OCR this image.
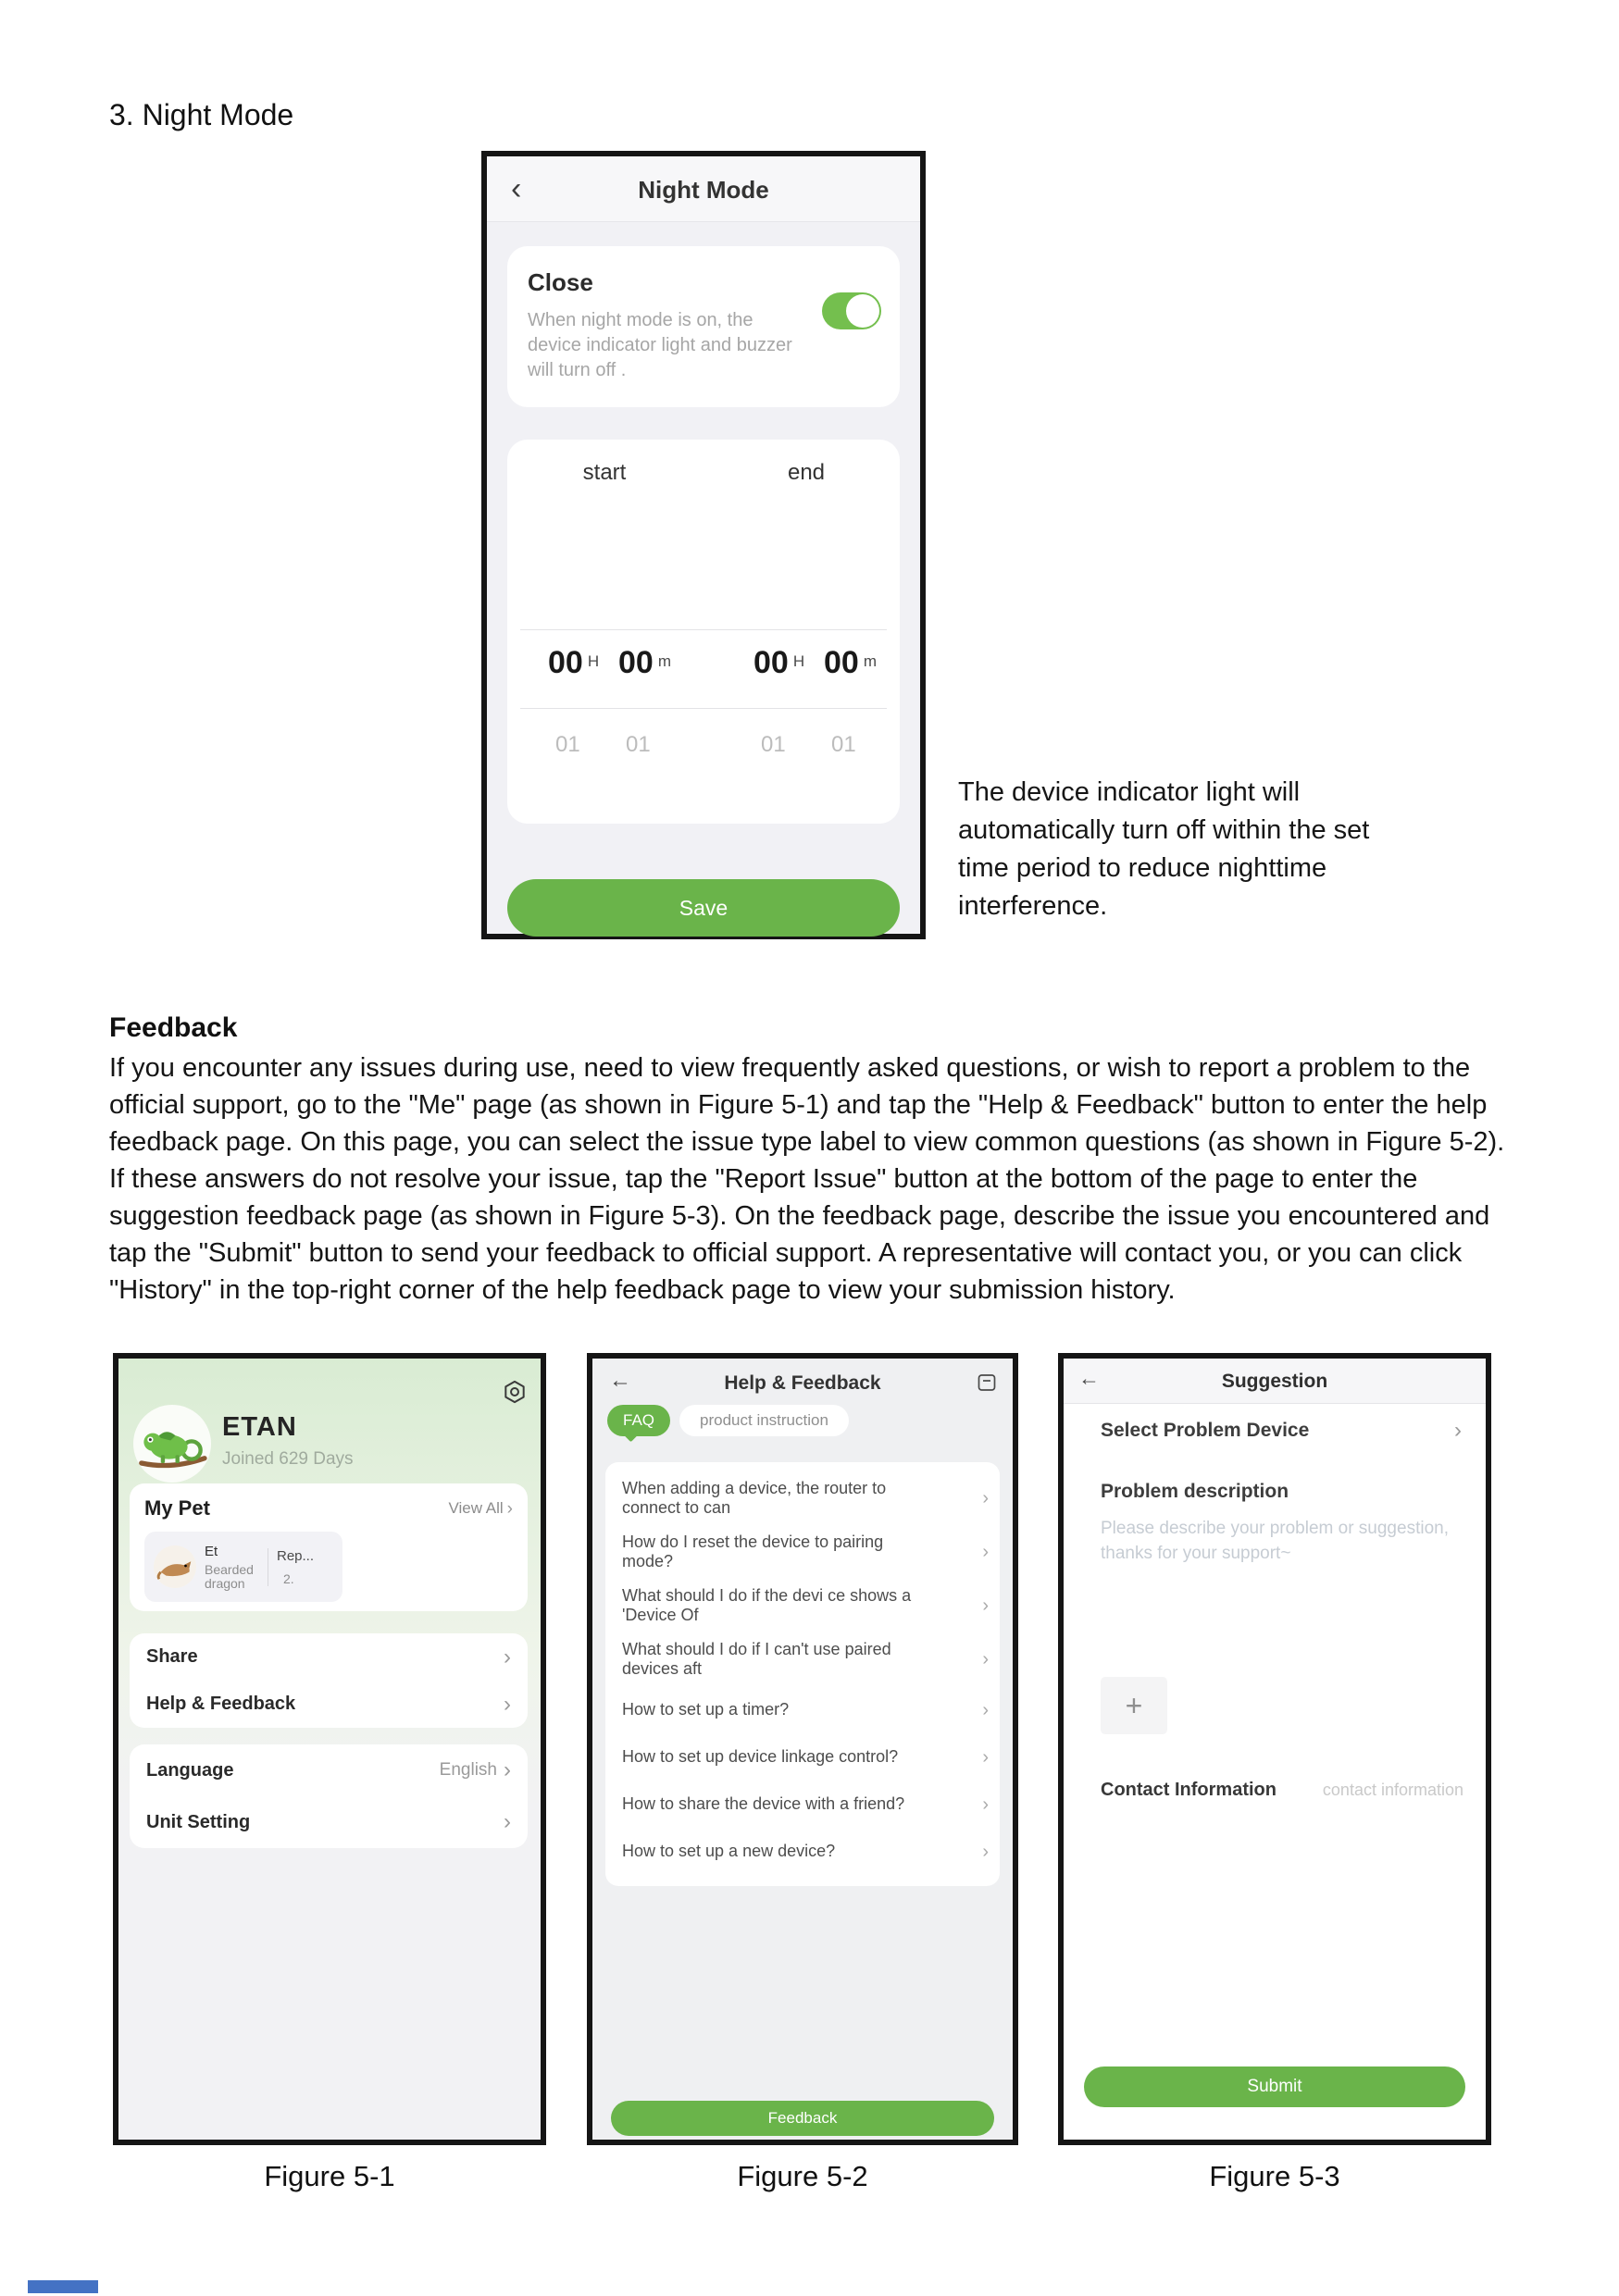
3. Night Mode
‹	Night Mode
Close
When night mode is on, the device indicator light and buzzer will turn off .
start	end
00 $^H$ 00 $^m$	00 $^H$ 00 $^m$
01 01	01 01
Save
The device indicator light will automatically turn off within the set time period to reduce nighttime interference.
Feedback
If you encounter any issues during use, need to view frequently asked questions, or wish to report a problem to the official support, go to the "Me" page (as shown in Figure 5-1) and tap the "Help & Feedback" button to enter the help feedback page. On this page, you can select the issue type label to view common questions (as shown in Figure 5-2). If these answers do not resolve your issue, tap the "Report Issue" button at the bottom of the page to enter the suggestion feedback page (as shown in Figure 5-3). On the feedback page, describe the issue you encountered and tap the "Submit" button to send your feedback to official support. A representative will contact you, or you can click "History" in the top-right corner of the help feedback page to view your submission history.
ETAN
Joined 629 Days
My Pet	View All ›
Et
Bearded dragon
Rep...
2.
Share	›
Help & Feedback	›
Language	English ›
Unit Setting	›
Figure 5-1
←	Help & Feedback
FAQ	product instruction
When adding a device, the router to connect to can	›
How do I reset the device to pairing mode?	›
What should I do if the devi ce shows a 'Device Of	›
What should I do if I can't use paired devices aft	›
How to set up a timer?	›
How to set up device linkage control?	›
How to share the device with a friend?	›
How to set up a new device?	›
Feedback
Figure 5-2
←	Suggestion
Select Problem Device	›
Problem description
Please describe your problem or suggestion, thanks for your support~
+
Contact Information	contact information
Submit
Figure 5-3
